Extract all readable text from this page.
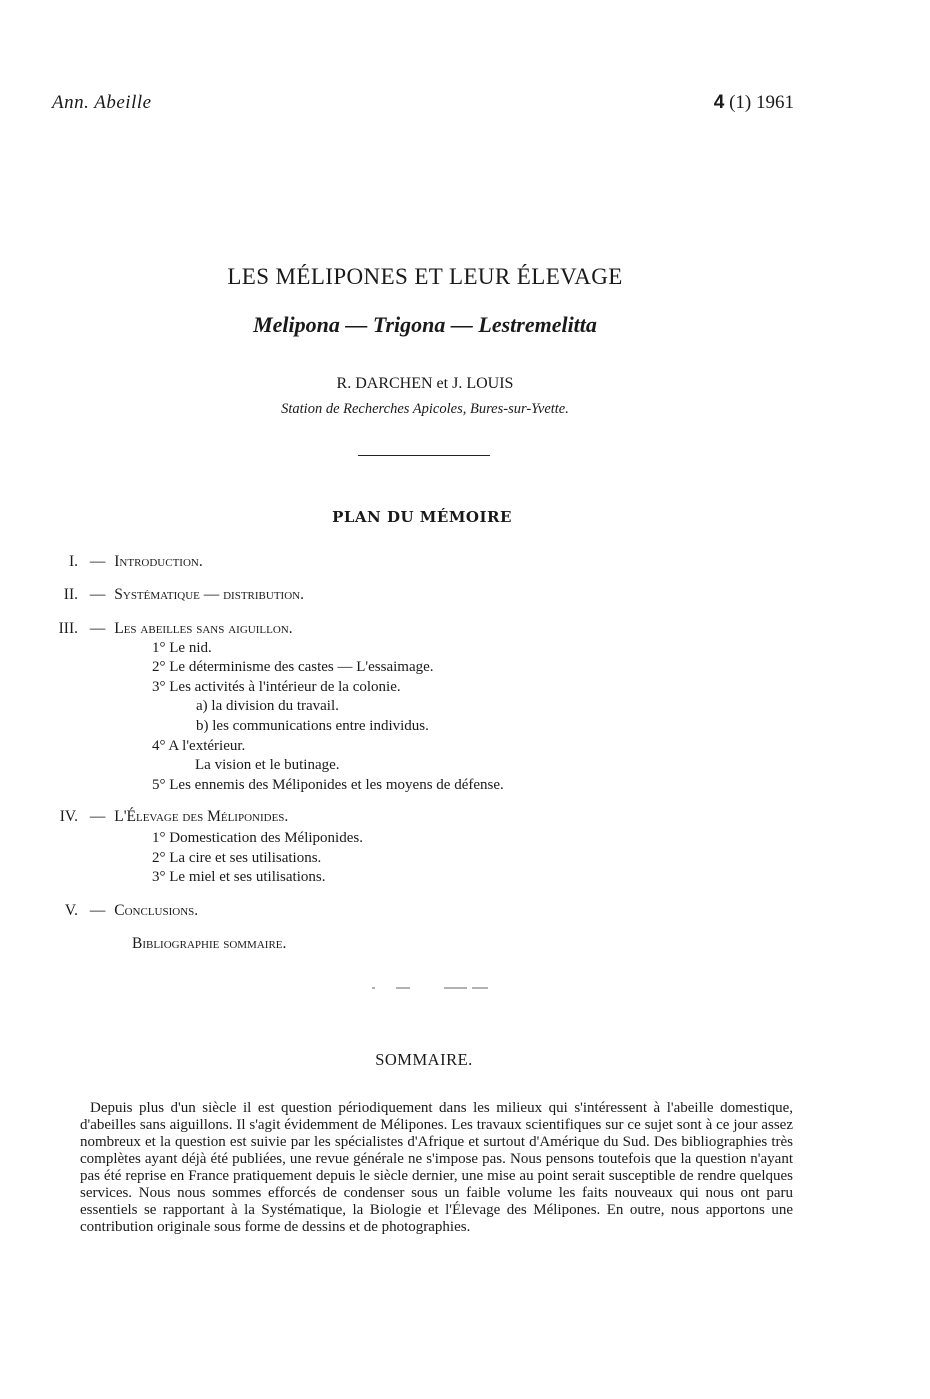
Ann. Abeille	4 (1) 1961
LES MÉLIPONES ET LEUR ÉLEVAGE
Melipona — Trigona — Lestremelitta
R. DARCHEN et J. LOUIS
Station de Recherches Apicoles, Bures-sur-Yvette.
PLAN DU MÉMOIRE
I. — Introduction.
II. — Systématique — distribution.
III. — Les abeilles sans aiguillon.
1° Le nid.
2° Le déterminisme des castes — L'essaimage.
3° Les activités à l'intérieur de la colonie.
a) la division du travail.
b) les communications entre individus.
4° A l'extérieur.
La vision et le butinage.
5° Les ennemis des Méliponides et les moyens de défense.
IV. — L'Élevage des Méliponides.
1° Domestication des Méliponides.
2° La cire et ses utilisations.
3° Le miel et ses utilisations.
V. — Conclusions.
Bibliographie sommaire.
SOMMAIRE.
Depuis plus d'un siècle il est question périodiquement dans les milieux qui s'intéressent à l'abeille domestique, d'abeilles sans aiguillons. Il s'agit évidemment de Mélipones. Les travaux scientifiques sur ce sujet sont à ce jour assez nombreux et la question est suivie par les spécialistes d'Afrique et surtout d'Amérique du Sud. Des bibliographies très complètes ayant déjà été publiées, une revue générale ne s'impose pas. Nous pensons toutefois que la question n'ayant pas été reprise en France pratiquement depuis le siècle dernier, une mise au point serait susceptible de rendre quelques services. Nous nous sommes efforcés de condenser sous un faible volume les faits nouveaux qui nous ont paru essentiels se rapportant à la Systématique, la Biologie et l'Élevage des Mélipones. En outre, nous apportons une contribution originale sous forme de dessins et de photographies.
